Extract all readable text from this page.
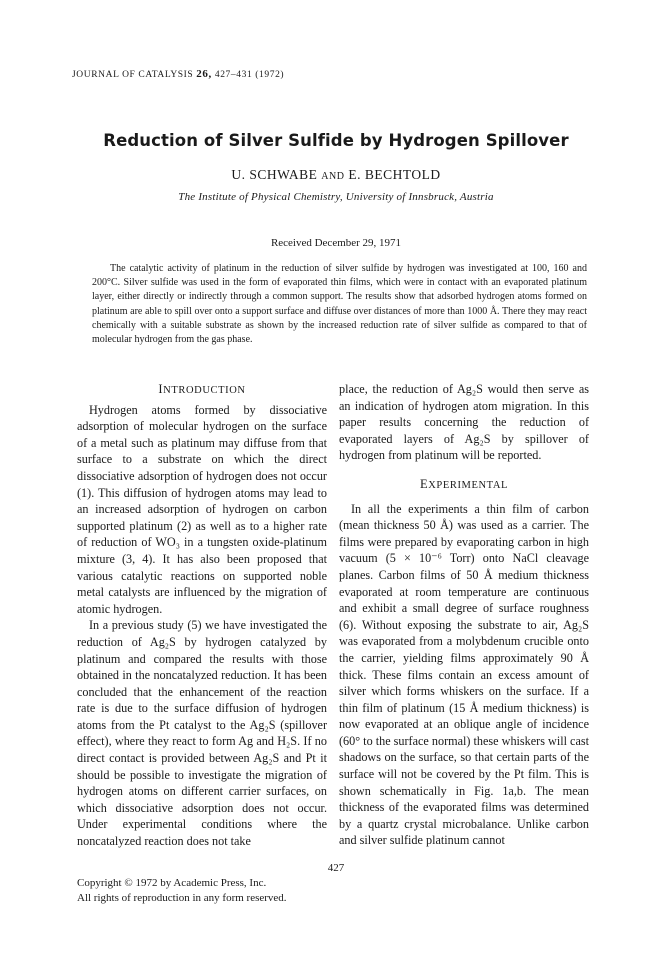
JOURNAL OF CATALYSIS 26, 427–431 (1972)
Reduction of Silver Sulfide by Hydrogen Spillover
U. SCHWABE AND E. BECHTOLD
The Institute of Physical Chemistry, University of Innsbruck, Austria
Received December 29, 1971

The catalytic activity of platinum in the reduction of silver sulfide by hydrogen was investigated at 100, 160 and 200°C. Silver sulfide was used in the form of evaporated thin films, which were in contact with an evaporated platinum layer, either directly or indirectly through a common support. The results show that adsorbed hydrogen atoms formed on platinum are able to spill over onto a support surface and diffuse over distances of more than 1000 Å. There they may react chemically with a suitable substrate as shown by the increased reduction rate of silver sulfide as compared to that of molecular hydrogen from the gas phase.

INTRODUCTION

Hydrogen atoms formed by dissociative adsorption of molecular hydrogen on the surface of a metal such as platinum may diffuse from that surface to a substrate on which the direct dissociative adsorption of hydrogen does not occur (1). This diffusion of hydrogen atoms may lead to an increased adsorption of hydrogen on carbon supported platinum (2) as well as to a higher rate of reduction of WO₃ in a tungsten oxide-platinum mixture (3, 4). It has also been proposed that various catalytic reactions on supported noble metal catalysts are influenced by the migration of atomic hydrogen.

In a previous study (5) we have investigated the reduction of Ag₂S by hydrogen catalyzed by platinum and compared the results with those obtained in the noncatalyzed reduction. It has been concluded that the enhancement of the reaction rate is due to the surface diffusion of hydrogen atoms from the Pt catalyst to the Ag₂S (spillover effect), where they react to form Ag and H₂S. If no direct contact is provided between Ag₂S and Pt it should be possible to investigate the migration of hydrogen atoms on different carrier surfaces, on which dissociative adsorption does not occur. Under experimental conditions where the noncatalyzed reaction does not take

place, the reduction of Ag₂S would then serve as an indication of hydrogen atom migration. In this paper results concerning the reduction of evaporated layers of Ag₂S by spillover of hydrogen from platinum will be reported.

EXPERIMENTAL

In all the experiments a thin film of carbon (mean thickness 50 Å) was used as a carrier. The films were prepared by evaporating carbon in high vacuum (5 × 10⁻⁶ Torr) onto NaCl cleavage planes. Carbon films of 50 Å medium thickness evaporated at room temperature are continuous and exhibit a small degree of surface roughness (6). Without exposing the substrate to air, Ag₂S was evaporated from a molybdenum crucible onto the carrier, yielding films approximately 90 Å thick. These films contain an excess amount of silver which forms whiskers on the surface. If a thin film of platinum (15 Å medium thickness) is now evaporated at an oblique angle of incidence (60° to the surface normal) these whiskers will cast shadows on the surface, so that certain parts of the surface will not be covered by the Pt film. This is shown schematically in Fig. 1a,b. The mean thickness of the evaporated films was determined by a quartz crystal microbalance. Unlike carbon and silver sulfide platinum cannot

427
Copyright © 1972 by Academic Press, Inc.
All rights of reproduction in any form reserved.
